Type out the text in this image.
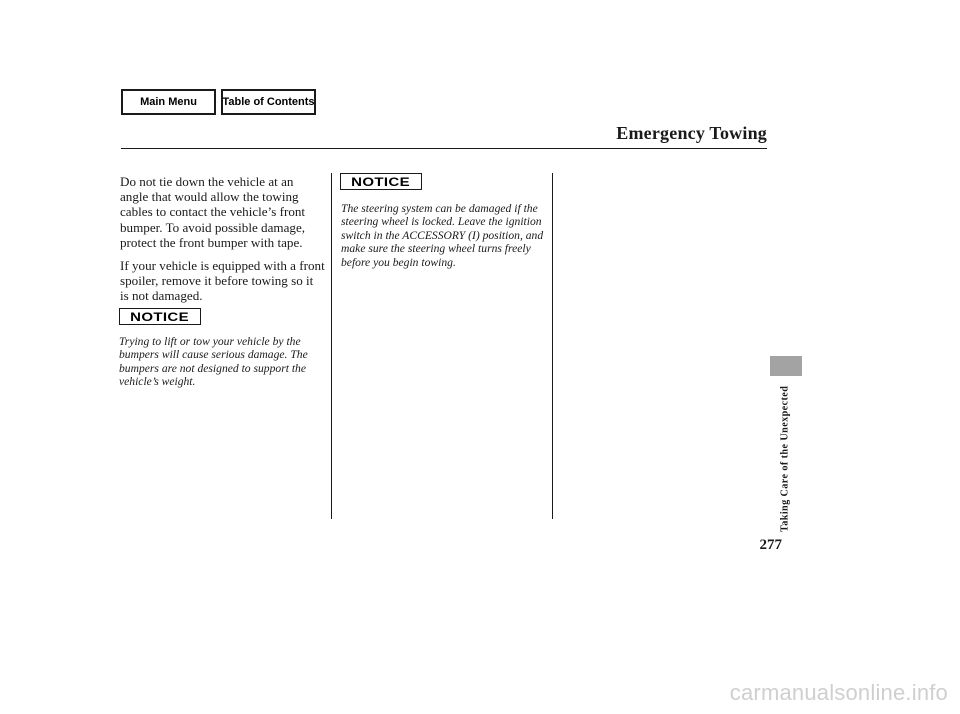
Main Menu	Table of Contents
Emergency Towing

Do not tie down the vehicle at an angle that would allow the towing cables to contact the vehicle’s front bumper. To avoid possible damage, protect the front bumper with tape.

If your vehicle is equipped with a front spoiler, remove it before towing so it is not damaged.

NOTICE

Trying to lift or tow your vehicle by the bumpers will cause serious damage. The bumpers are not designed to support the vehicle’s weight.

NOTICE

The steering system can be damaged if the steering wheel is locked. Leave the ignition switch in the ACCESSORY (I) position, and make sure the steering wheel turns freely before you begin towing.

Taking Care of the Unexpected
277
carmanualsonline.info
